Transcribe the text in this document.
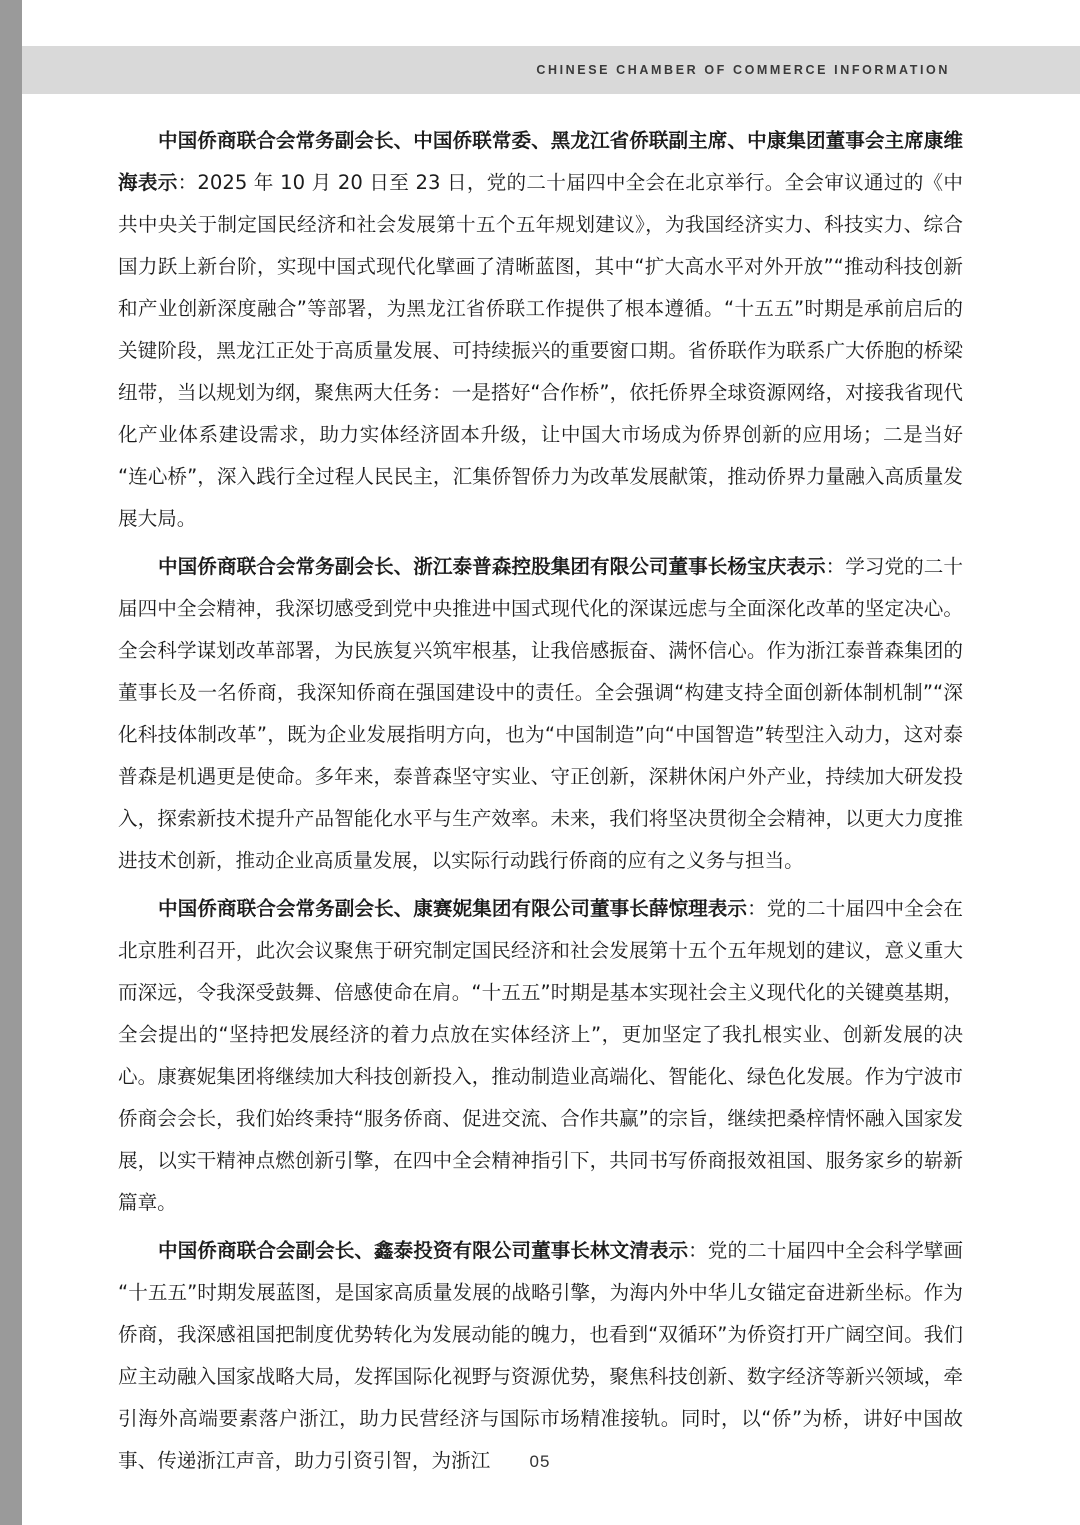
CHINESE CHAMBER OF COMMERCE INFORMATION

中国侨商联合会常务副会长、中国侨联常委、黑龙江省侨联副主席、中康集团董事会主席康维海表示：2025 年 10 月 20 日至 23 日，党的二十届四中全会在北京举行。全会审议通过的《中共中央关于制定国民经济和社会发展第十五个五年规划建议》，为我国经济实力、科技实力、综合国力跃上新台阶，实现中国式现代化擘画了清晰蓝图，其中“扩大高水平对外开放”“推动科技创新和产业创新深度融合”等部署，为黑龙江省侨联工作提供了根本遵循。“十五五”时期是承前启后的关键阶段，黑龙江正处于高质量发展、可持续振兴的重要窗口期。省侨联作为联系广大侨胞的桥梁纽带，当以规划为纲，聚焦两大任务：一是搭好“合作桥”，依托侨界全球资源网络，对接我省现代化产业体系建设需求，助力实体经济固本升级，让中国大市场成为侨界创新的应用场；二是当好“连心桥”，深入践行全过程人民民主，汇集侨智侨力为改革发展献策，推动侨界力量融入高质量发展大局。

中国侨商联合会常务副会长、浙江泰普森控股集团有限公司董事长杨宝庆表示：学习党的二十届四中全会精神，我深切感受到党中央推进中国式现代化的深谋远虑与全面深化改革的坚定决心。全会科学谋划改革部署，为民族复兴筑牢根基，让我倍感振奋、满怀信心。作为浙江泰普森集团的董事长及一名侨商，我深知侨商在强国建设中的责任。全会强调“构建支持全面创新体制机制”“深化科技体制改革”，既为企业发展指明方向，也为“中国制造”向“中国智造”转型注入动力，这对泰普森是机遇更是使命。多年来，泰普森坚守实业、守正创新，深耕休闲户外产业，持续加大研发投入，探索新技术提升产品智能化水平与生产效率。未来，我们将坚决贯彻全会精神，以更大力度推进技术创新，推动企业高质量发展，以实际行动践行侨商的应有之义务与担当。

中国侨商联合会常务副会长、康赛妮集团有限公司董事长薛惊理表示：党的二十届四中全会在北京胜利召开，此次会议聚焦于研究制定国民经济和社会发展第十五个五年规划的建议，意义重大而深远，令我深受鼓舞、倍感使命在肩。“十五五”时期是基本实现社会主义现代化的关键奠基期，全会提出的“坚持把发展经济的着力点放在实体经济上”，更加坚定了我扎根实业、创新发展的决心。康赛妮集团将继续加大科技创新投入，推动制造业高端化、智能化、绿色化发展。作为宁波市侨商会会长，我们始终秉持“服务侨商、促进交流、合作共赢”的宗旨，继续把桑梓情怀融入国家发展，以实干精神点燃创新引擎，在四中全会精神指引下，共同书写侨商报效祖国、服务家乡的崭新篇章。

中国侨商联合会副会长、鑫泰投资有限公司董事长林文清表示：党的二十届四中全会科学擘画“十五五”时期发展蓝图，是国家高质量发展的战略引擎，为海内外中华儿女锚定奋进新坐标。作为侨商，我深感祖国把制度优势转化为发展动能的魄力，也看到“双循环”为侨资打开广阔空间。我们应主动融入国家战略大局，发挥国际化视野与资源优势，聚焦科技创新、数字经济等新兴领域，牵引海外高端要素落户浙江，助力民营经济与国际市场精准接轨。同时，以“侨”为桥，讲好中国故事、传递浙江声音，助力引资引智，为浙江	05
